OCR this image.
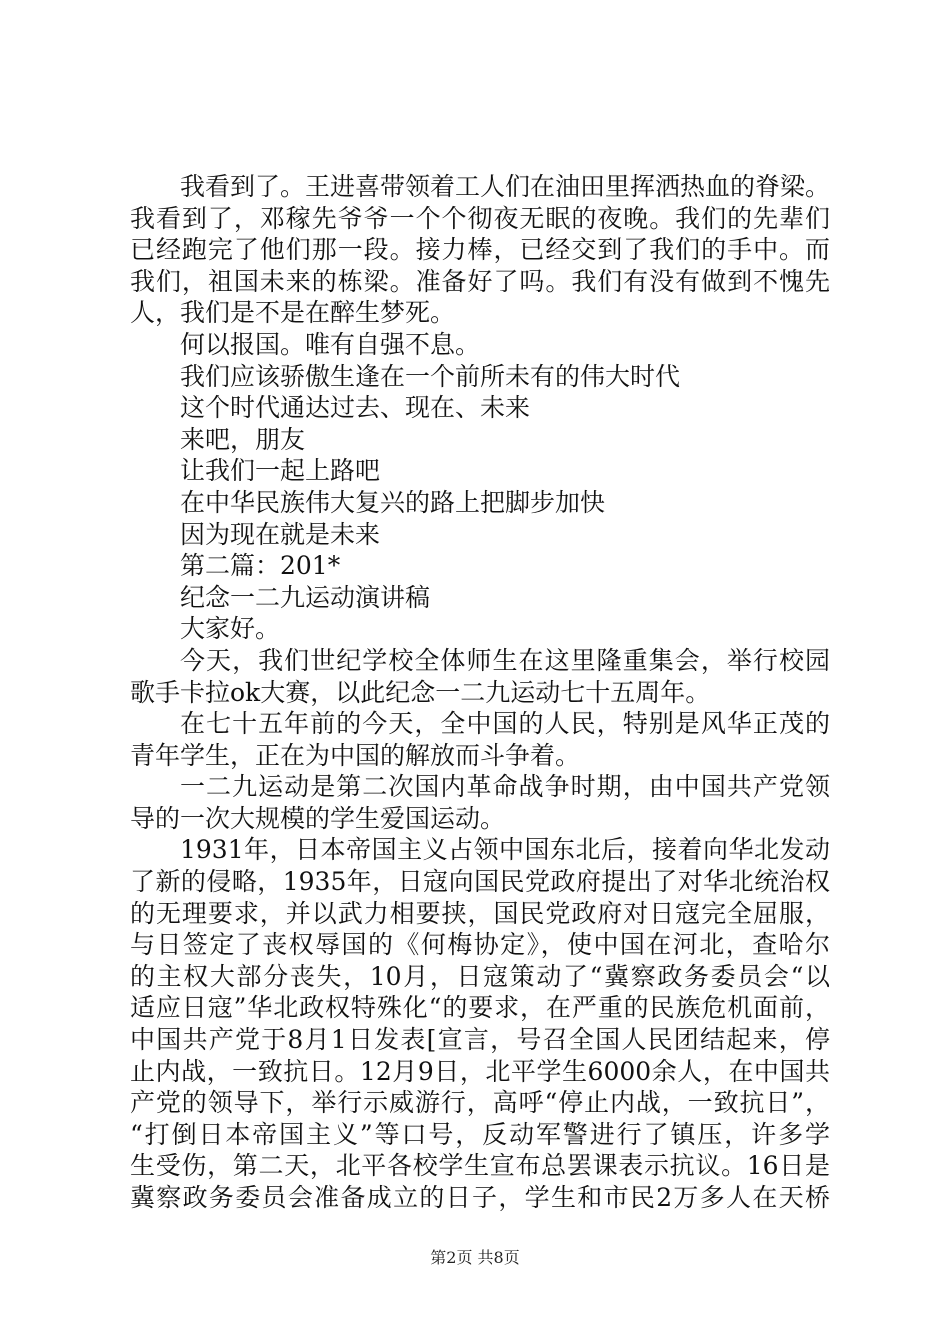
我看到了。王进喜带领着工人们在油田里挥洒热血的脊梁。
我看到了，邓稼先爷爷一个个彻夜无眠的夜晚。我们的先辈们
已经跑完了他们那一段。接力棒，已经交到了我们的手中。而
我们，祖国未来的栋梁。准备好了吗。我们有没有做到不愧先
人，我们是不是在醉生梦死。
何以报国。唯有自强不息。
我们应该骄傲生逢在一个前所未有的伟大时代
这个时代通达过去、现在、未来
来吧，朋友
让我们一起上路吧
在中华民族伟大复兴的路上把脚步加快
因为现在就是未来
第二篇：201*
纪念一二九运动演讲稿
大家好。
今天，我们世纪学校全体师生在这里隆重集会，举行校园
歌手卡拉ok大赛，以此纪念一二九运动七十五周年。
在七十五年前的今天，全中国的人民，特别是风华正茂的
青年学生，正在为中国的解放而斗争着。
一二九运动是第二次国内革命战争时期，由中国共产党领
导的一次大规模的学生爱国运动。
1931年，日本帝国主义占领中国东北后，接着向华北发动
了新的侵略，1935年，日寇向国民党政府提出了对华北统治权
的无理要求，并以武力相要挟，国民党政府对日寇完全屈服，
与日签定了丧权辱国的《何梅协定》，使中国在河北，查哈尔
的主权大部分丧失，10月，日寇策动了“冀察政务委员会“以
适应日寇”华北政权特殊化“的要求，在严重的民族危机面前，
中国共产党于8月1日发表[宣言，号召全国人民团结起来，停
止内战，一致抗日。12月9日，北平学生6000余人，在中国共
产党的领导下，举行示威游行，高呼“停止内战，一致抗日”，
“打倒日本帝国主义”等口号，反动军警进行了镇压，许多学
生受伤，第二天，北平各校学生宣布总罢课表示抗议。16日是
冀察政务委员会准备成立的日子，学生和市民2万多人在天桥
第2页 共8页
